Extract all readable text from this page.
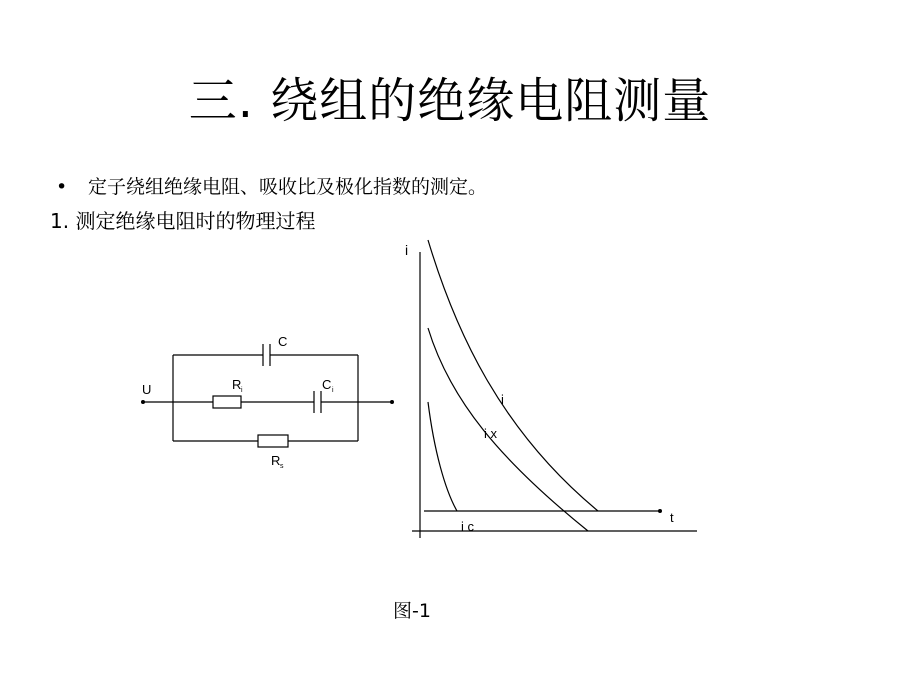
三. 绕组的绝缘电阻测量
• 定子绕组绝缘电阻、吸收比及极化指数的测定。
1. 测定绝缘电阻时的物理过程
U
C
R i	C i
R s
i
t
i
i x
i c
图-1
